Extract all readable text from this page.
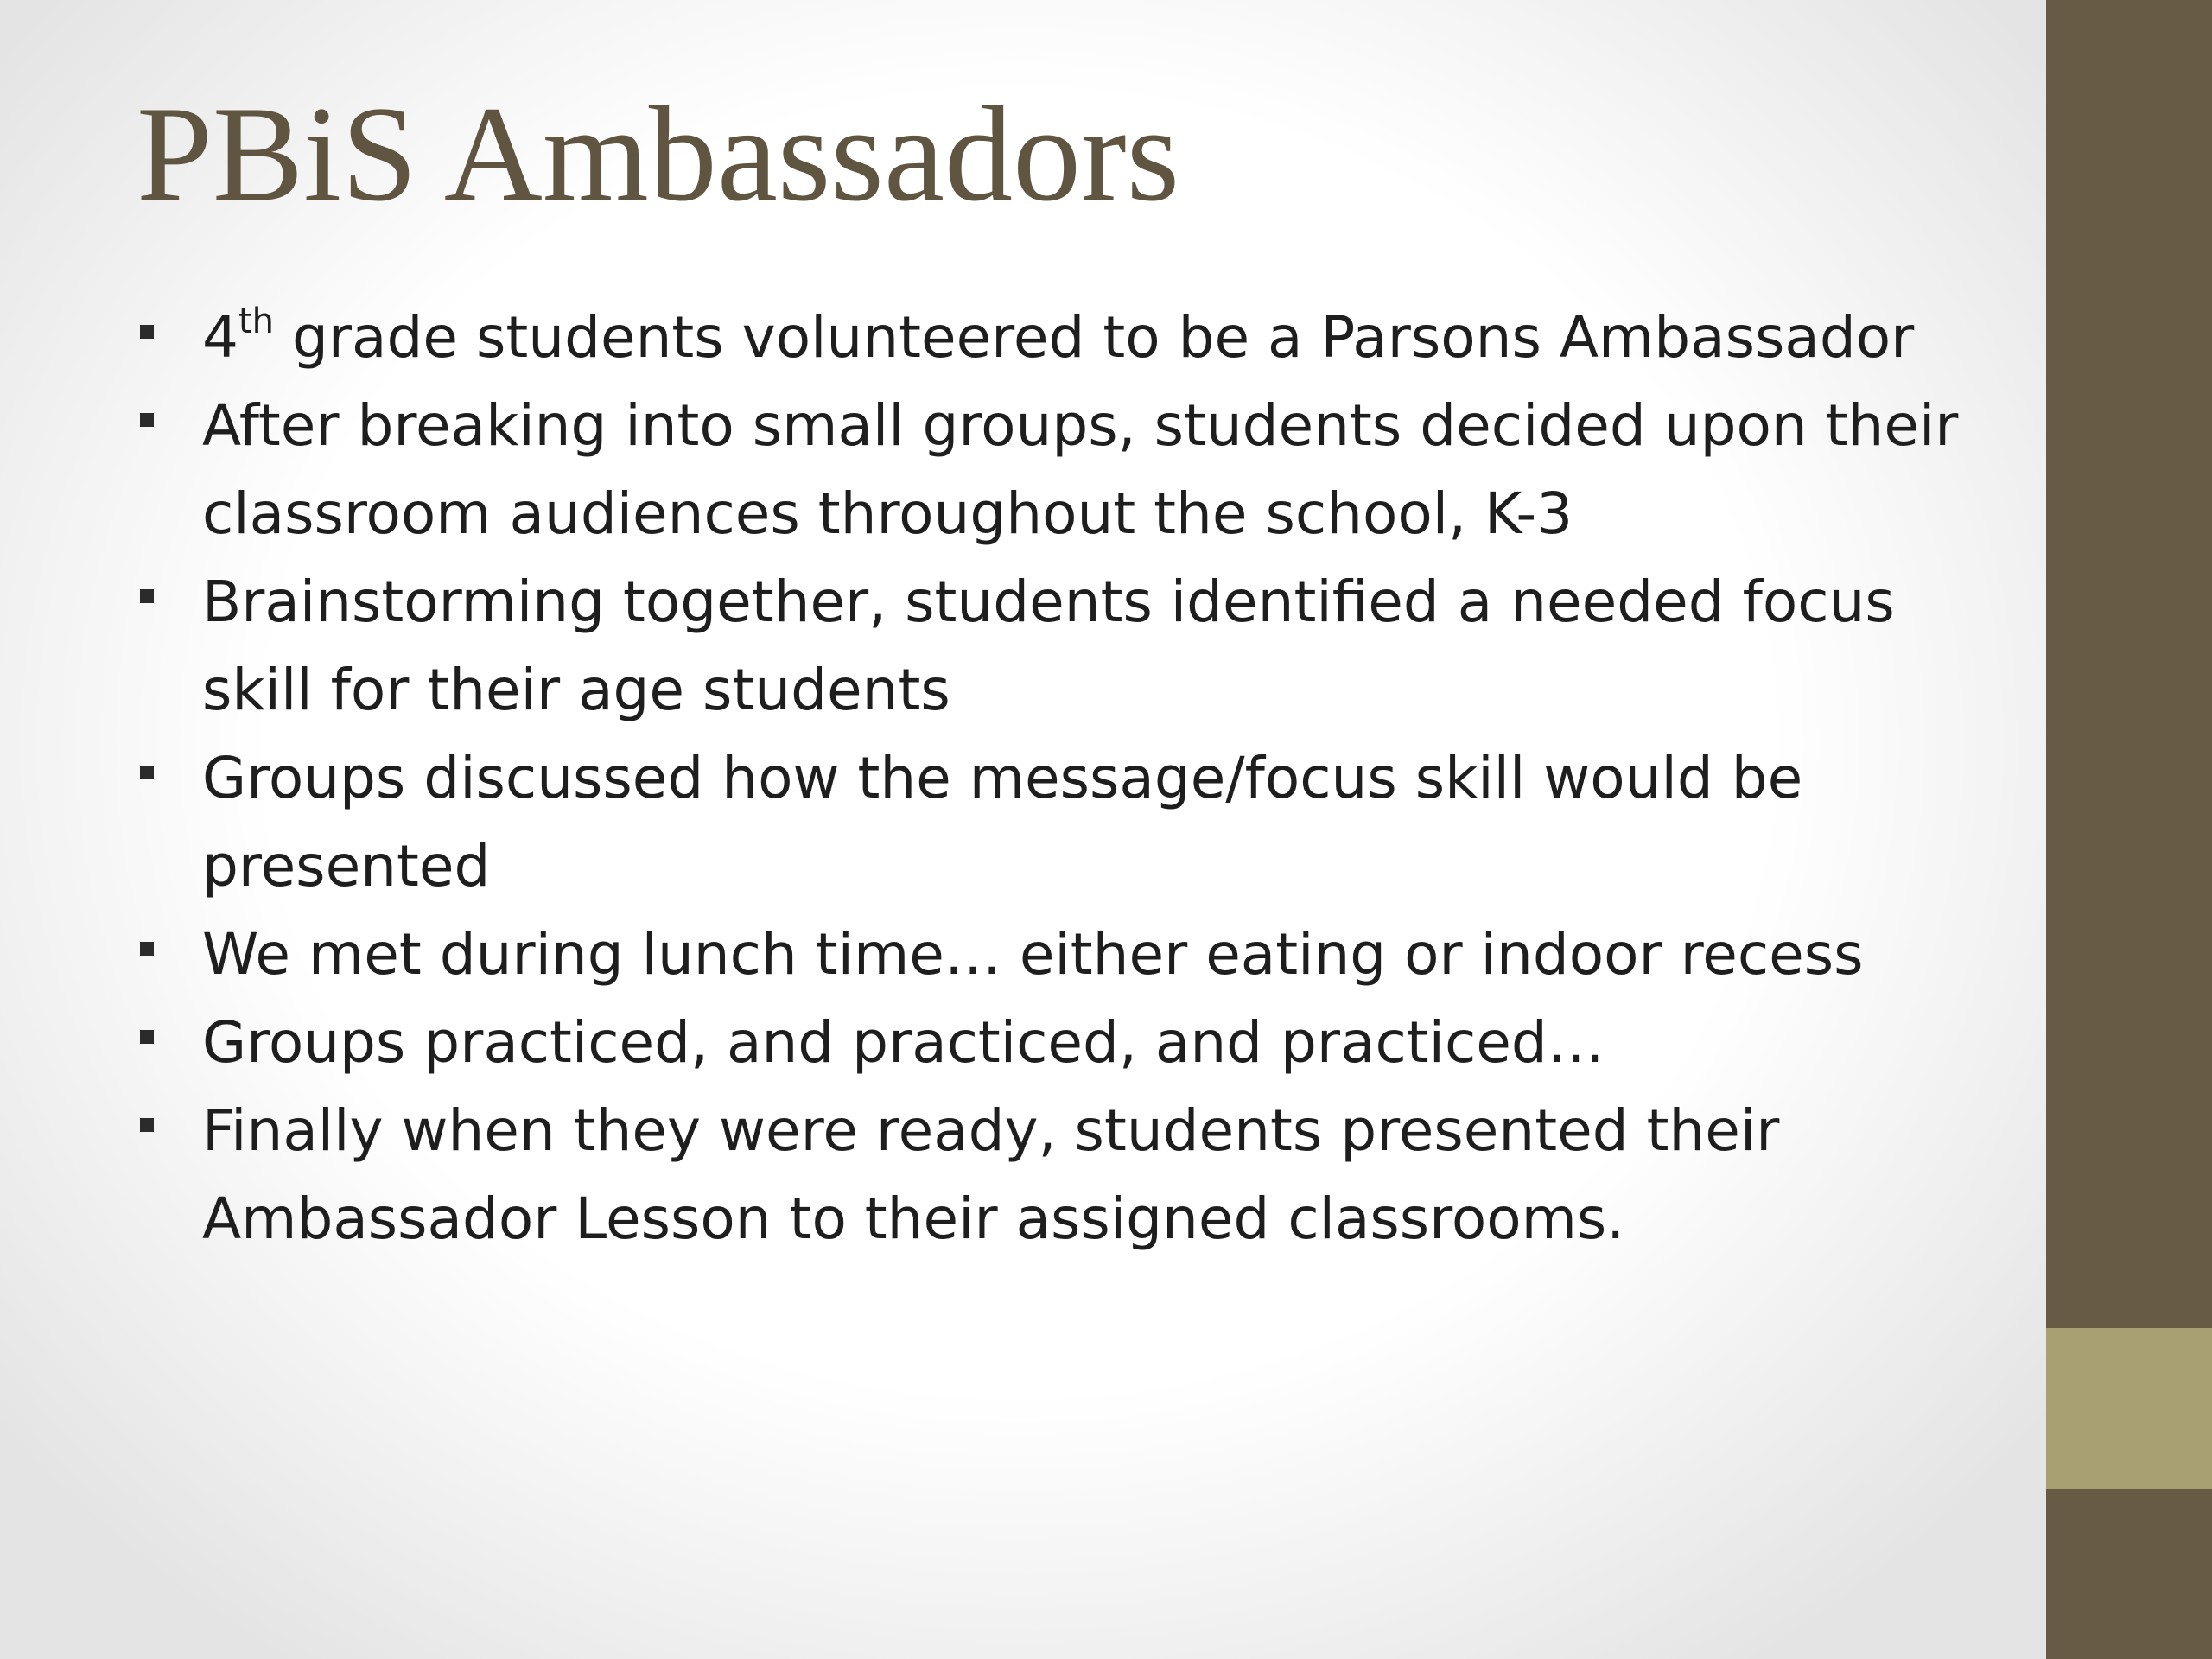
PBiS Ambassadors
4th grade students volunteered to be a Parsons Ambassador
After breaking into small groups, students decided upon their classroom audiences throughout the school, K-3
Brainstorming together, students identified a needed focus skill for their age students
Groups discussed how the message/focus skill would be presented
We met during lunch time… either eating or indoor recess
Groups practiced, and practiced, and practiced…
Finally when they were ready, students presented their Ambassador Lesson to their assigned classrooms.
